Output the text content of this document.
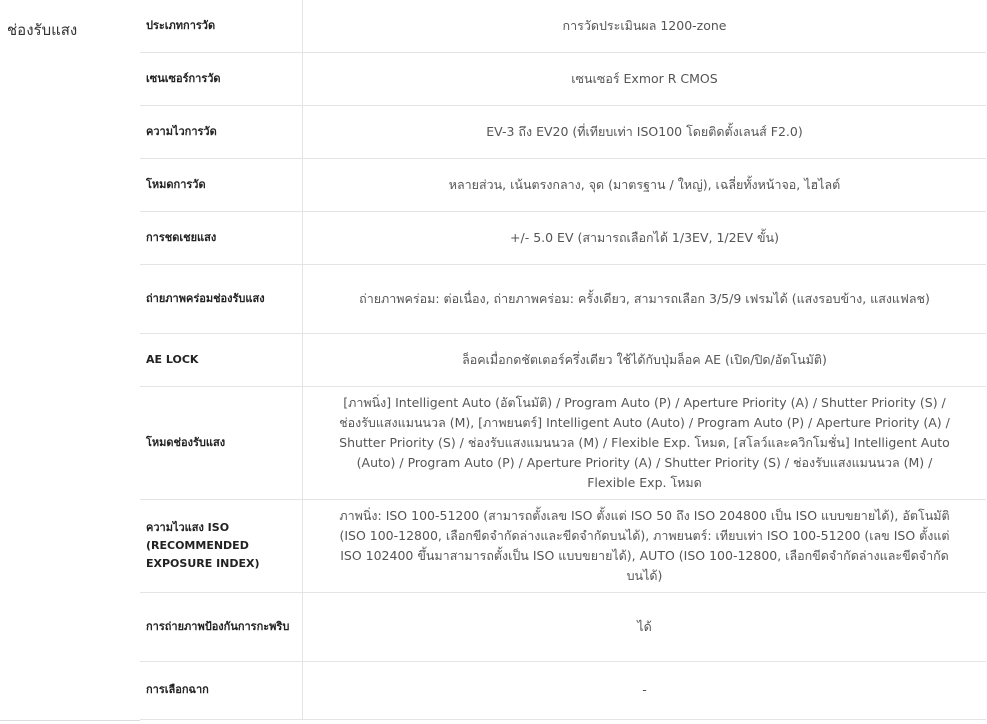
ช่องรับแสง	ประเภทการวัด	การวัดประเมินผล 1200-zone
เซนเซอร์การวัด	เซนเซอร์ Exmor R CMOS
ความไวการวัด	EV-3 ถึง EV20 (ที่เทียบเท่า ISO100 โดยติดตั้งเลนส์ F2.0)
โหมดการวัด	หลายส่วน, เน้นตรงกลาง, จุด (มาตรฐาน / ใหญ่), เฉลี่ยทั้งหน้าจอ, ไฮไลต์
การชดเชยแสง	+/- 5.0 EV (สามารถเลือกได้ 1/3EV, 1/2EV ขั้น)
ถ่ายภาพคร่อมช่องรับแสง	ถ่ายภาพคร่อม: ต่อเนื่อง, ถ่ายภาพคร่อม: ครั้งเดียว, สามารถเลือก 3/5/9 เฟรมได้ (แสงรอบข้าง, แสงแฟลช)
AE LOCK	ล็อคเมื่อกดชัตเตอร์ครึ่งเดียว ใช้ได้กับปุ่มล็อค AE (เปิด/ปิด/อัตโนมัติ)
โหมดช่องรับแสง	[ภาพนิ่ง] Intelligent Auto (อัตโนมัติ) / Program Auto (P) / Aperture Priority (A) / Shutter Priority (S) / ช่องรับแสงแมนนวล (M), [ภาพยนตร์] Intelligent Auto (Auto) / Program Auto (P) / Aperture Priority (A) / Shutter Priority (S) / ช่องรับแสงแมนนวล (M) / Flexible Exp. โหมด, [สโลว์และควิกโมชั่น] Intelligent Auto (Auto) / Program Auto (P) / Aperture Priority (A) / Shutter Priority (S) / ช่องรับแสงแมนนวล (M) / Flexible Exp. โหมด
ความไวแสง ISO (RECOMMENDED EXPOSURE INDEX)	ภาพนิ่ง: ISO 100-51200 (สามารถตั้งเลข ISO ตั้งแต่ ISO 50 ถึง ISO 204800 เป็น ISO แบบขยายได้), อัตโนมัติ (ISO 100-12800, เลือกขีดจำกัดล่างและขีดจำกัดบนได้), ภาพยนตร์: เทียบเท่า ISO 100-51200 (เลข ISO ตั้งแต่ ISO 102400 ขึ้นมาสามารถตั้งเป็น ISO แบบขยายได้), AUTO (ISO 100-12800, เลือกขีดจำกัดล่างและขีดจำกัดบนได้)
การถ่ายภาพป้องกันการกะพริบ	ได้
การเลือกฉาก	-
